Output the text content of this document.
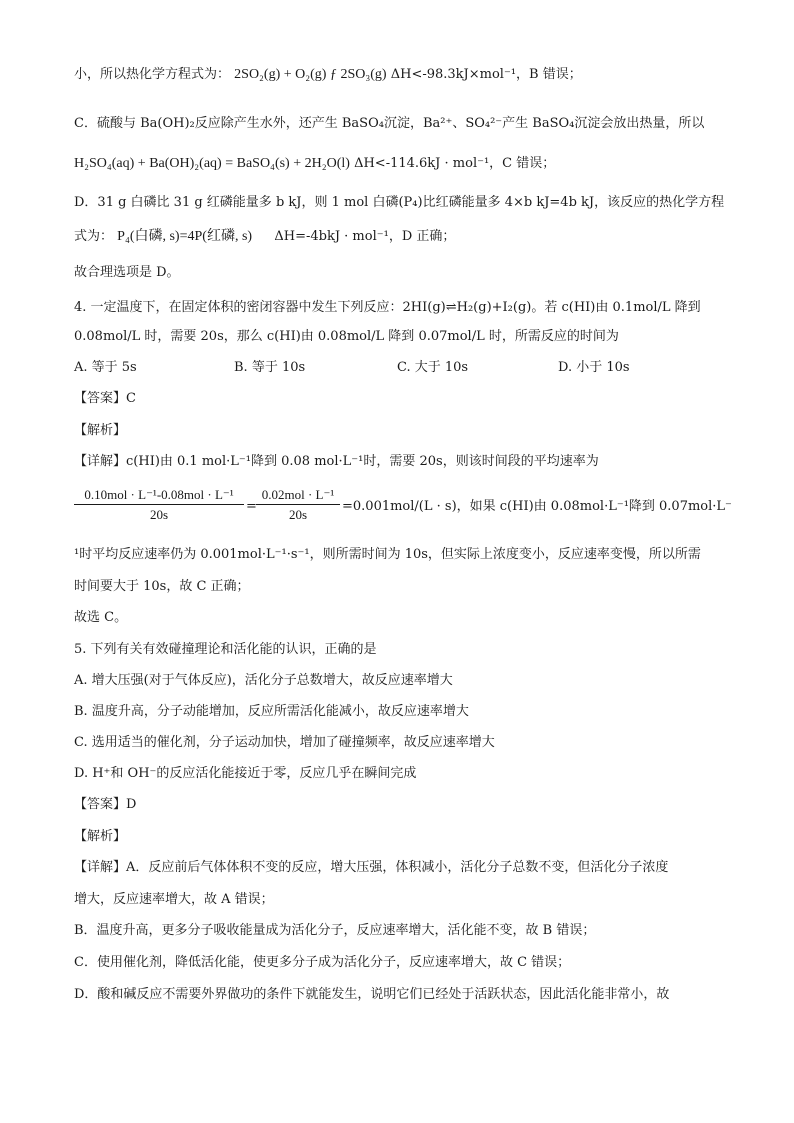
小，所以热化学方程式为： 2SO₂(g) + O₂(g) ƒ 2SO₃(g) ΔH<-98.3kJ×mol⁻¹，B 错误；
C．硫酸与 Ba(OH)₂反应除产生水外，还产生 BaSO₄沉淀，Ba²⁺、SO₄²⁻产生 BaSO₄沉淀会放出热量，所以
H₂SO₄(aq) + Ba(OH)₂(aq) = BaSO₄(s) + 2H₂O(l) ΔH<-114.6kJ · mol⁻¹，C 错误；
D．31 g 白磷比 31 g 红磷能量多 b kJ，则 1 mol 白磷(P₄)比红磷能量多 4×b kJ=4b kJ，该反应的热化学方程
式为： P₄(白磷, s)=4P(红磷, s) ΔH=-4bkJ · mol⁻¹，D 正确；
故合理选项是 D。
4. 一定温度下，在固定体积的密闭容器中发生下列反应：2HI(g)⇌H₂(g)+I₂(g)。若 c(HI)由 0.1mol/L 降到
0.08mol/L 时，需要 20s，那么 c(HI)由 0.08mol/L 降到 0.07mol/L 时，所需反应的时间为
A. 等于 5s	B. 等于 10s	C. 大于 10s	D. 小于 10s
【答案】C
【解析】
【详解】c(HI)由 0.1 mol·L⁻¹降到 0.08 mol·L⁻¹时，需要 20s，则该时间段的平均速率为
0.10mol · L⁻¹-0.08mol · L⁻¹
20s
=
0.02mol · L⁻¹
20s
=0.001mol/(L · s)，如果 c(HI)由 0.08mol·L⁻¹降到 0.07mol·L⁻
¹时平均反应速率仍为 0.001mol·L⁻¹·s⁻¹，则所需时间为 10s，但实际上浓度变小，反应速率变慢，所以所需
时间要大于 10s，故 C 正确；
故选 C。
5. 下列有关有效碰撞理论和活化能的认识，正确的是
A. 增大压强(对于气体反应)，活化分子总数增大，故反应速率增大
B. 温度升高，分子动能增加，反应所需活化能减小，故反应速率增大
C. 选用适当的催化剂，分子运动加快，增加了碰撞频率，故反应速率增大
D. H⁺和 OH⁻的反应活化能接近于零，反应几乎在瞬间完成
【答案】D
【解析】
【详解】A．反应前后气体体积不变的反应，增大压强，体积减小，活化分子总数不变，但活化分子浓度
增大，反应速率增大，故 A 错误；
B．温度升高，更多分子吸收能量成为活化分子，反应速率增大，活化能不变，故 B 错误；
C．使用催化剂，降低活化能，使更多分子成为活化分子，反应速率增大，故 C 错误；
D．酸和碱反应不需要外界做功的条件下就能发生，说明它们已经处于活跃状态，因此活化能非常小，故
